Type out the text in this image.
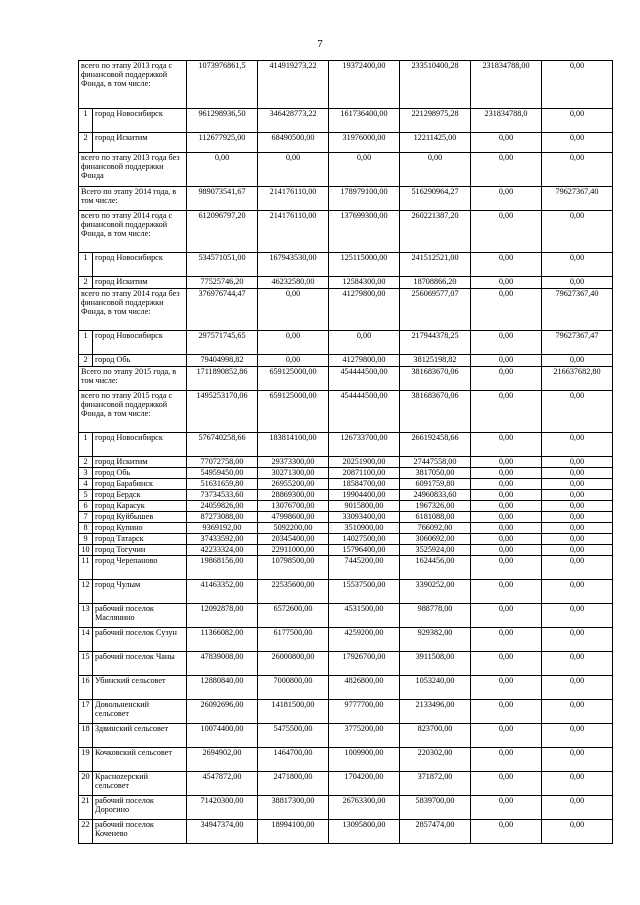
7
всего по этапу 2013 года с финансовой поддержкой Фонда, в том числе:		1073976861,5	414919273,22	19372400,00	233510400,28	231834788,00	0,00
1	город Новосибирск	961298936,50	346428773,22	161736400,00	221298975,28	231834788,0	0,00
2	город Искитим	112677925,00	68490500,00	31976000,00	12211425,00	0,00	0,00
всего по этапу 2013 года без финансовой поддержки Фонда		0,00	0,00	0,00	0,00	0,00	0,00
Всего по этапу 2014 года, в том числе:		989073541,67	214176110,00	178979100,00	516290964,27	0,00	79627367,40
всего по этапу 2014 года с финансовой поддержкой Фонда, в том числе:		612096797,20	214176110,00	137699300,00	260221387,20	0,00	0,00
1	город Новосибирск	534571051,00	167943530,00	125115000,00	241512521,00	0,00	0,00
2	город Искитим	77525746,20	46232580,00	12584300,00	18708866,20	0,00	0,00
всего по этапу 2014 года без финансовой поддержки Фонда, в том числе:		376976744,47	0,00	41279800,00	256069577,07	0,00	79627367,40
1	город Новосибирск	297571745,65	0,00	0,00	217944378,25	0,00	79627367,47
2	город Обь	79404998,82	0,00	41279800,00	38125198,82	0,00	0,00
Всего по этапу 2015 года, в том числе:		1711890852,86	659125000,00	454444500,00	381683670,06	0,00	216637682,80
всего по этапу 2015 года с финансовой поддержкой Фонда, в том числе:		1495253170,06	659125000,00	454444500,00	381683670,06	0,00	0,00
1	город Новосибирск	576740258,66	183814100,00	126733700,00	266192458,66	0,00	0,00
2	город Искитим	77072758,00	29373300,00	20251900,00	27447558,00	0,00	0,00
3	город Обь	54959450,00	30271300,00	20871100,00	3817050,00	0,00	0,00
4	город Барабинск	51631659,80	26955200,00	18584700,00	6091759,80	0,00	0,00
5	город Бердск	73734533,60	28869300,00	19904400,00	24960833,60	0,00	0,00
6	город Карасук	24059826,00	13076700,00	9015800,00	1967326,00	0,00	0,00
7	город Куйбышев	87273088,00	47998600,00	33093400,00	6181088,00	0,00	0,00
8	город Купино	9369192,00	5092200,00	3510900,00	766092,00	0,00	0,00
9	город Татарск	37433592,00	20345400,00	14027500,00	3060692,00	0,00	0,00
10	город Тогучин	42233324,00	22911000,00	15796400,00	3525924,00	0,00	0,00
11	город Черепаново	19868156,00	10798500,00	7445200,00	1624456,00	0,00	0,00
12	город Чулым	41463352,00	22535600,00	15537500,00	3390252,00	0,00	0,00
13	рабочий поселок Маслянино	12092878,00	6572600,00	4531500,00	988778,00	0,00	0,00
14	рабочий поселок Сузун	11366082,00	6177500,00	4259200,00	929382,00	0,00	0,00
15	рабочий поселок Чаны	47839008,00	26000800,00	17926700,00	3911508,00	0,00	0,00
16	Убинский сельсовет	12880840,00	7000800,00	4826800,00	1053240,00	0,00	0,00
17	Довольненский сельсовет	26092696,00	14181500,00	9777700,00	2133496,00	0,00	0,00
18	Здвинский сельсовет	10074400,00	5475500,00	3775200,00	823700,00	0,00	0,00
19	Кочковский сельсовет	2694902,00	1464700,00	1009900,00	220302,00	0,00	0,00
20	Красноzерский сельсовет	4547872,00	2471800,00	1704200,00	371872,00	0,00	0,00
21	рабочий поселок Дорогино	71420300,00	38817300,00	26763300,00	5839700,00	0,00	0,00
22	рабочий поселок Коченево	34947374,00	18994100,00	13095800,00	2857474,00	0,00	0,00
